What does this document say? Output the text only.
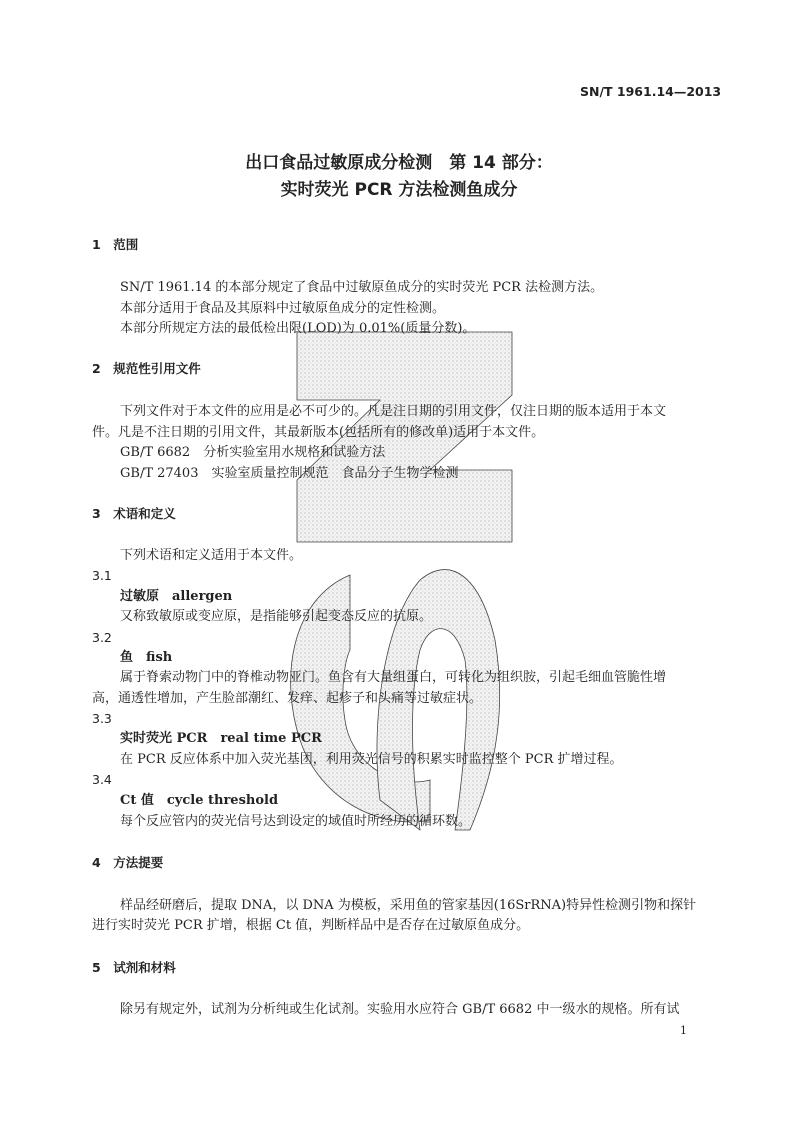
SN/T 1961.14—2013
出口食品过敏原成分检测　第 14 部分：
实时荧光 PCR 方法检测鱼成分
1　范围
SN/T 1961.14 的本部分规定了食品中过敏原鱼成分的实时荧光 PCR 法检测方法。
本部分适用于食品及其原料中过敏原鱼成分的定性检测。
本部分所规定方法的最低检出限(LOD)为 0.01%(质量分数)。
2　规范性引用文件
下列文件对于本文件的应用是必不可少的。凡是注日期的引用文件，仅注日期的版本适用于本文
件。凡是不注日期的引用文件，其最新版本(包括所有的修改单)适用于本文件。
GB/T 6682　分析实验室用水规格和试验方法
GB/T 27403　实验室质量控制规范　食品分子生物学检测
3　术语和定义
下列术语和定义适用于本文件。
3.1
过敏原　allergen
又称致敏原或变应原，是指能够引起变态反应的抗原。
3.2
鱼　fish
属于脊索动物门中的脊椎动物亚门。鱼含有大量组蛋白，可转化为组织胺，引起毛细血管脆性增
高，通透性增加，产生脸部潮红、发痒、起疹子和头痛等过敏症状。
3.3
实时荧光 PCR　real time PCR
在 PCR 反应体系中加入荧光基团，利用荧光信号的积累实时监控整个 PCR 扩增过程。
3.4
Ct 值　cycle threshold
每个反应管内的荧光信号达到设定的域值时所经历的循环数。
4　方法提要
样品经研磨后，提取 DNA，以 DNA 为模板，采用鱼的管家基因(16SrRNA)特异性检测引物和探针
进行实时荧光 PCR 扩增，根据 Ct 值，判断样品中是否存在过敏原鱼成分。
5　试剂和材料
除另有规定外，试剂为分析纯或生化试剂。实验用水应符合 GB/T 6682 中一级水的规格。所有试
1
